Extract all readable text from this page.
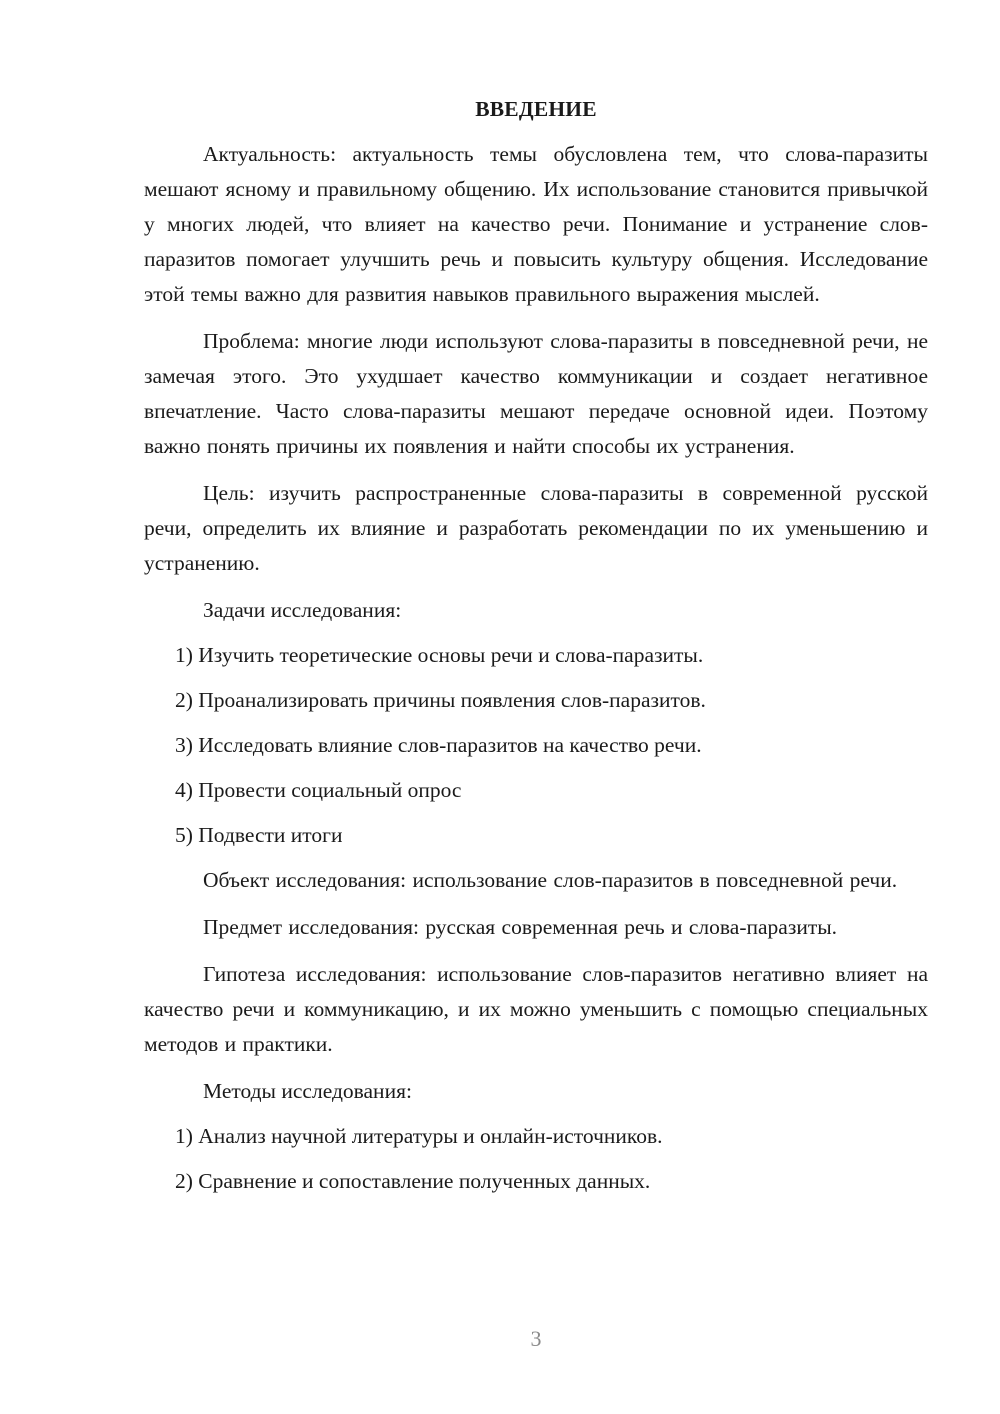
ВВЕДЕНИЕ

Актуальность: актуальность темы обусловлена тем, что слова-паразиты мешают ясному и правильному общению. Их использование становится привычкой у многих людей, что влияет на качество речи. Понимание и устранение слов-паразитов помогает улучшить речь и повысить культуру общения. Исследование этой темы важно для развития навыков правильного выражения мыслей.

Проблема: многие люди используют слова-паразиты в повседневной речи, не замечая этого. Это ухудшает качество коммуникации и создает негативное впечатление. Часто слова-паразиты мешают передаче основной идеи. Поэтому важно понять причины их появления и найти способы их устранения.

Цель: изучить распространенные слова-паразиты в современной русской речи, определить их влияние и разработать рекомендации по их уменьшению и устранению.

Задачи исследования:
1) Изучить теоретические основы речи и слова-паразиты.
2) Проанализировать причины появления слов-паразитов.
3) Исследовать влияние слов-паразитов на качество речи.
4) Провести социальный опрос
5) Подвести итоги

Объект исследования: использование слов-паразитов в повседневной речи.

Предмет исследования: русская современная речь и слова-паразиты.

Гипотеза исследования: использование слов-паразитов негативно влияет на качество речи и коммуникацию, и их можно уменьшить с помощью специальных методов и практики.

Методы исследования:
1) Анализ научной литературы и онлайн-источников.
2) Сравнение и сопоставление полученных данных.
3
